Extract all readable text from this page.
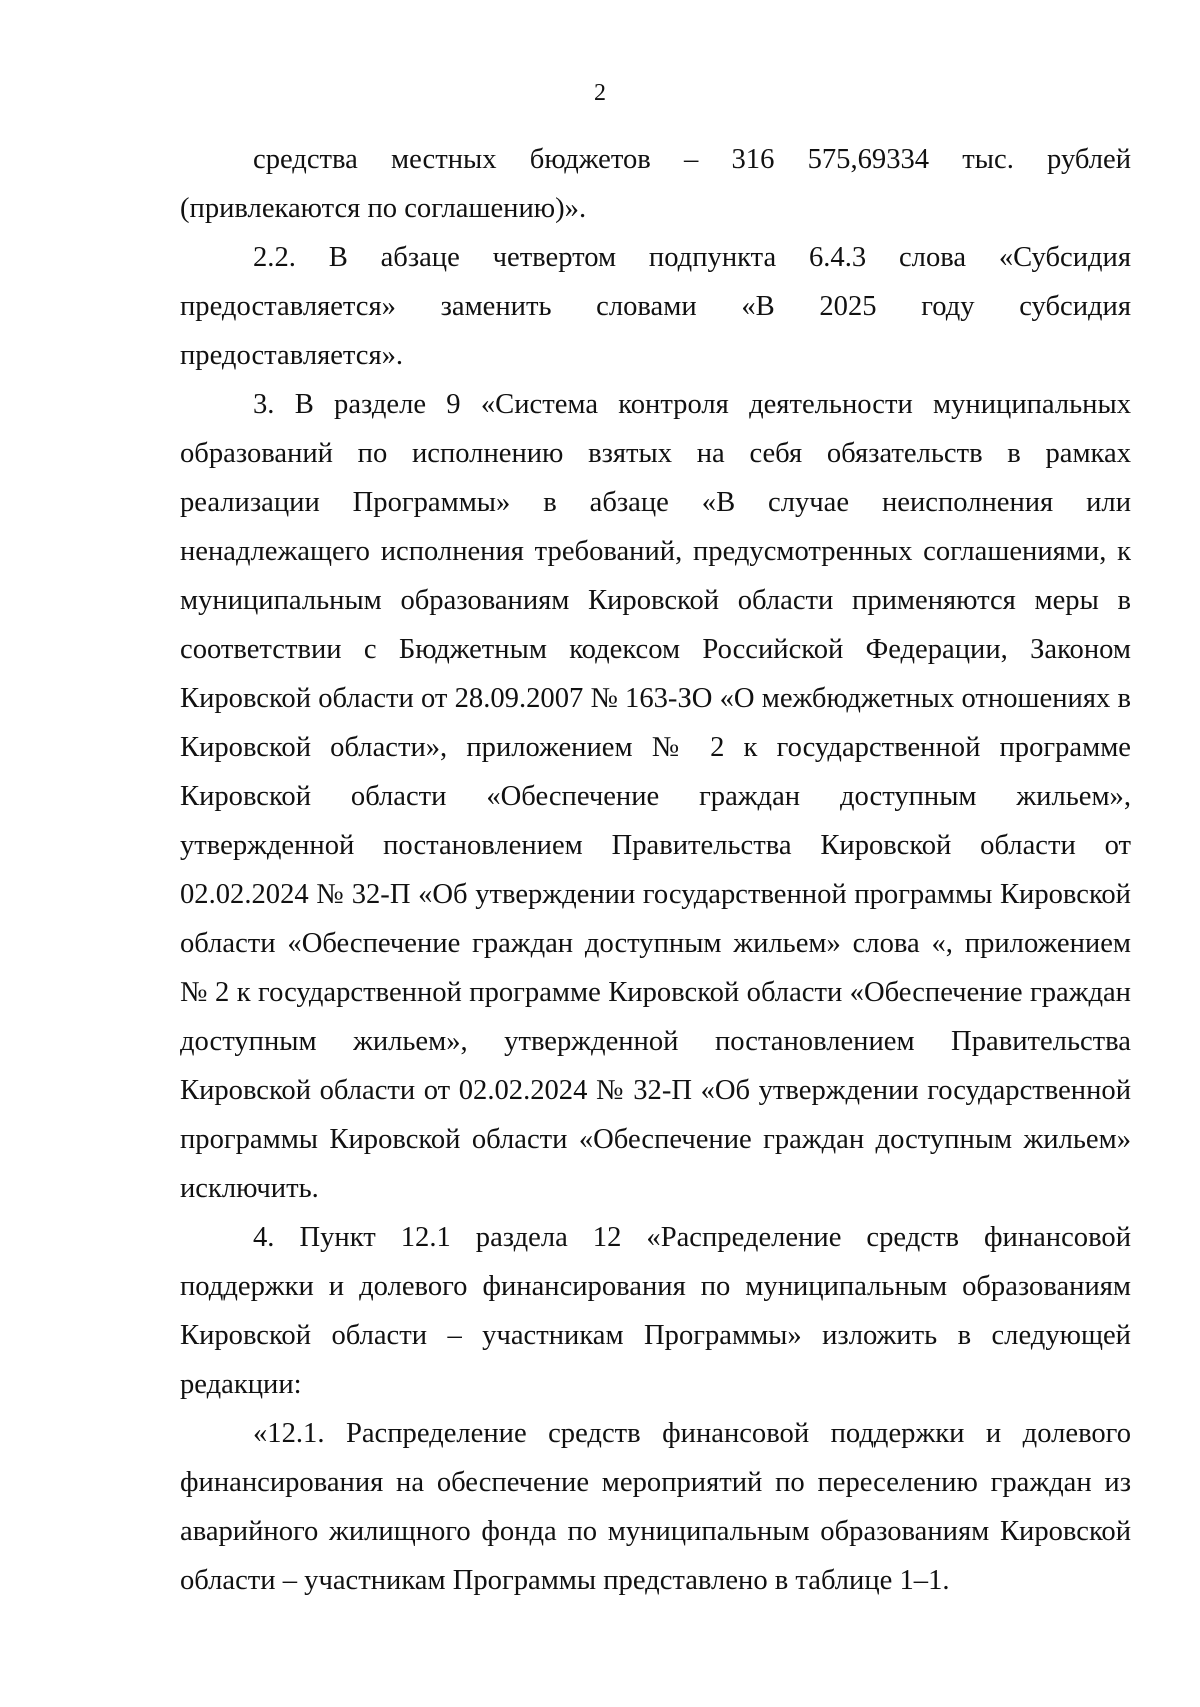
2

средства местных бюджетов – 316 575,69334 тыс. рублей (привлекаются по соглашению)».

2.2. В абзаце четвертом подпункта 6.4.3 слова «Субсидия предоставляется» заменить словами «В 2025 году субсидия предоставляется».

3. В разделе 9 «Система контроля деятельности муниципальных образований по исполнению взятых на себя обязательств в рамках реализации Программы» в абзаце «В случае неисполнения или ненадлежащего исполнения требований, предусмотренных соглашениями, к муниципальным образованиям Кировской области применяются меры в соответствии с Бюджетным кодексом Российской Федерации, Законом Кировской области от 28.09.2007 № 163-ЗО «О межбюджетных отношениях в Кировской области», приложением № 2 к государственной программе Кировской области «Обеспечение граждан доступным жильем», утвержденной постановлением Правительства Кировской области от 02.02.2024 № 32-П «Об утверждении государственной программы Кировской области «Обеспечение граждан доступным жильем» слова «, приложением № 2 к государственной программе Кировской области «Обеспечение граждан доступным жильем», утвержденной постановлением Правительства Кировской области от 02.02.2024 № 32-П «Об утверждении государственной программы Кировской области «Обеспечение граждан доступным жильем» исключить.

4. Пункт 12.1 раздела 12 «Распределение средств финансовой поддержки и долевого финансирования по муниципальным образованиям Кировской области – участникам Программы» изложить в следующей редакции:

«12.1. Распределение средств финансовой поддержки и долевого финансирования на обеспечение мероприятий по переселению граждан из аварийного жилищного фонда по муниципальным образованиям Кировской области – участникам Программы представлено в таблице 1–1.
